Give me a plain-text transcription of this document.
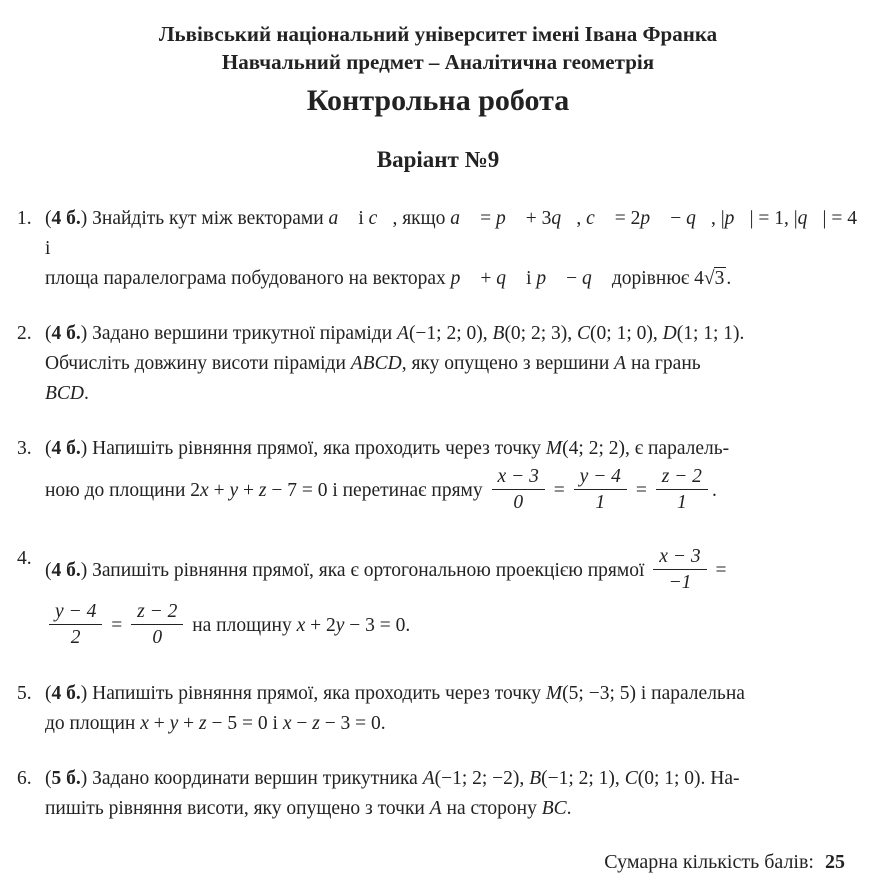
Львівський національний університет імені Івана Франка
Навчальний предмет – Аналітична геометрія
Контрольна робота
Варіант №9
1. (4 б.) Знайдіть кут між векторами a⃗ і c⃗, якщо a⃗ = p⃗ + 3q⃗, c⃗ = 2p⃗ − q⃗, |p⃗| = 1, |q⃗| = 4 і
площа паралелограма побудованого на векторах p⃗ + q⃗ і p⃗ − q⃗ дорівнює 4√3 .
2. (4 б.) Задано вершини трикутної піраміди A(−1; 2; 0), B(0; 2; 3), C(0; 1; 0), D(1; 1; 1).
Обчисліть довжину висоти піраміди ABCD, яку опущено з вершини A на грань
BCD.
3. (4 б.) Напишіть рівняння прямої, яка проходить через точку M(4; 2; 2), є паралель-
ною до площини 2x + y + z − 7 = 0 і перетинає пряму $\frac{x - 3}{0} = \frac{y - 4}{1} = \frac{z - 2}{1}$ .
4.
(4 б.) Запишіть рівняння прямої, яка є ортогональною проекцією прямої $\frac{x - 3}{-1}$ =
$\frac{y - 4}{2} = \frac{z - 2}{0}$ на площину x + 2y − 3 = 0.
5. (4 б.) Напишіть рівняння прямої, яка проходить через точку M(5; −3; 5) і паралельна
до площин x + y + z − 5 = 0 і x − z − 3 = 0.
6. (5 б.) Задано координати вершин трикутника A(−1; 2; −2), B(−1; 2; 1), C(0; 1; 0). На-
пишіть рівняння висоти, яку опущено з точки A на сторону BC.
Сумарна кількість балів: 25
